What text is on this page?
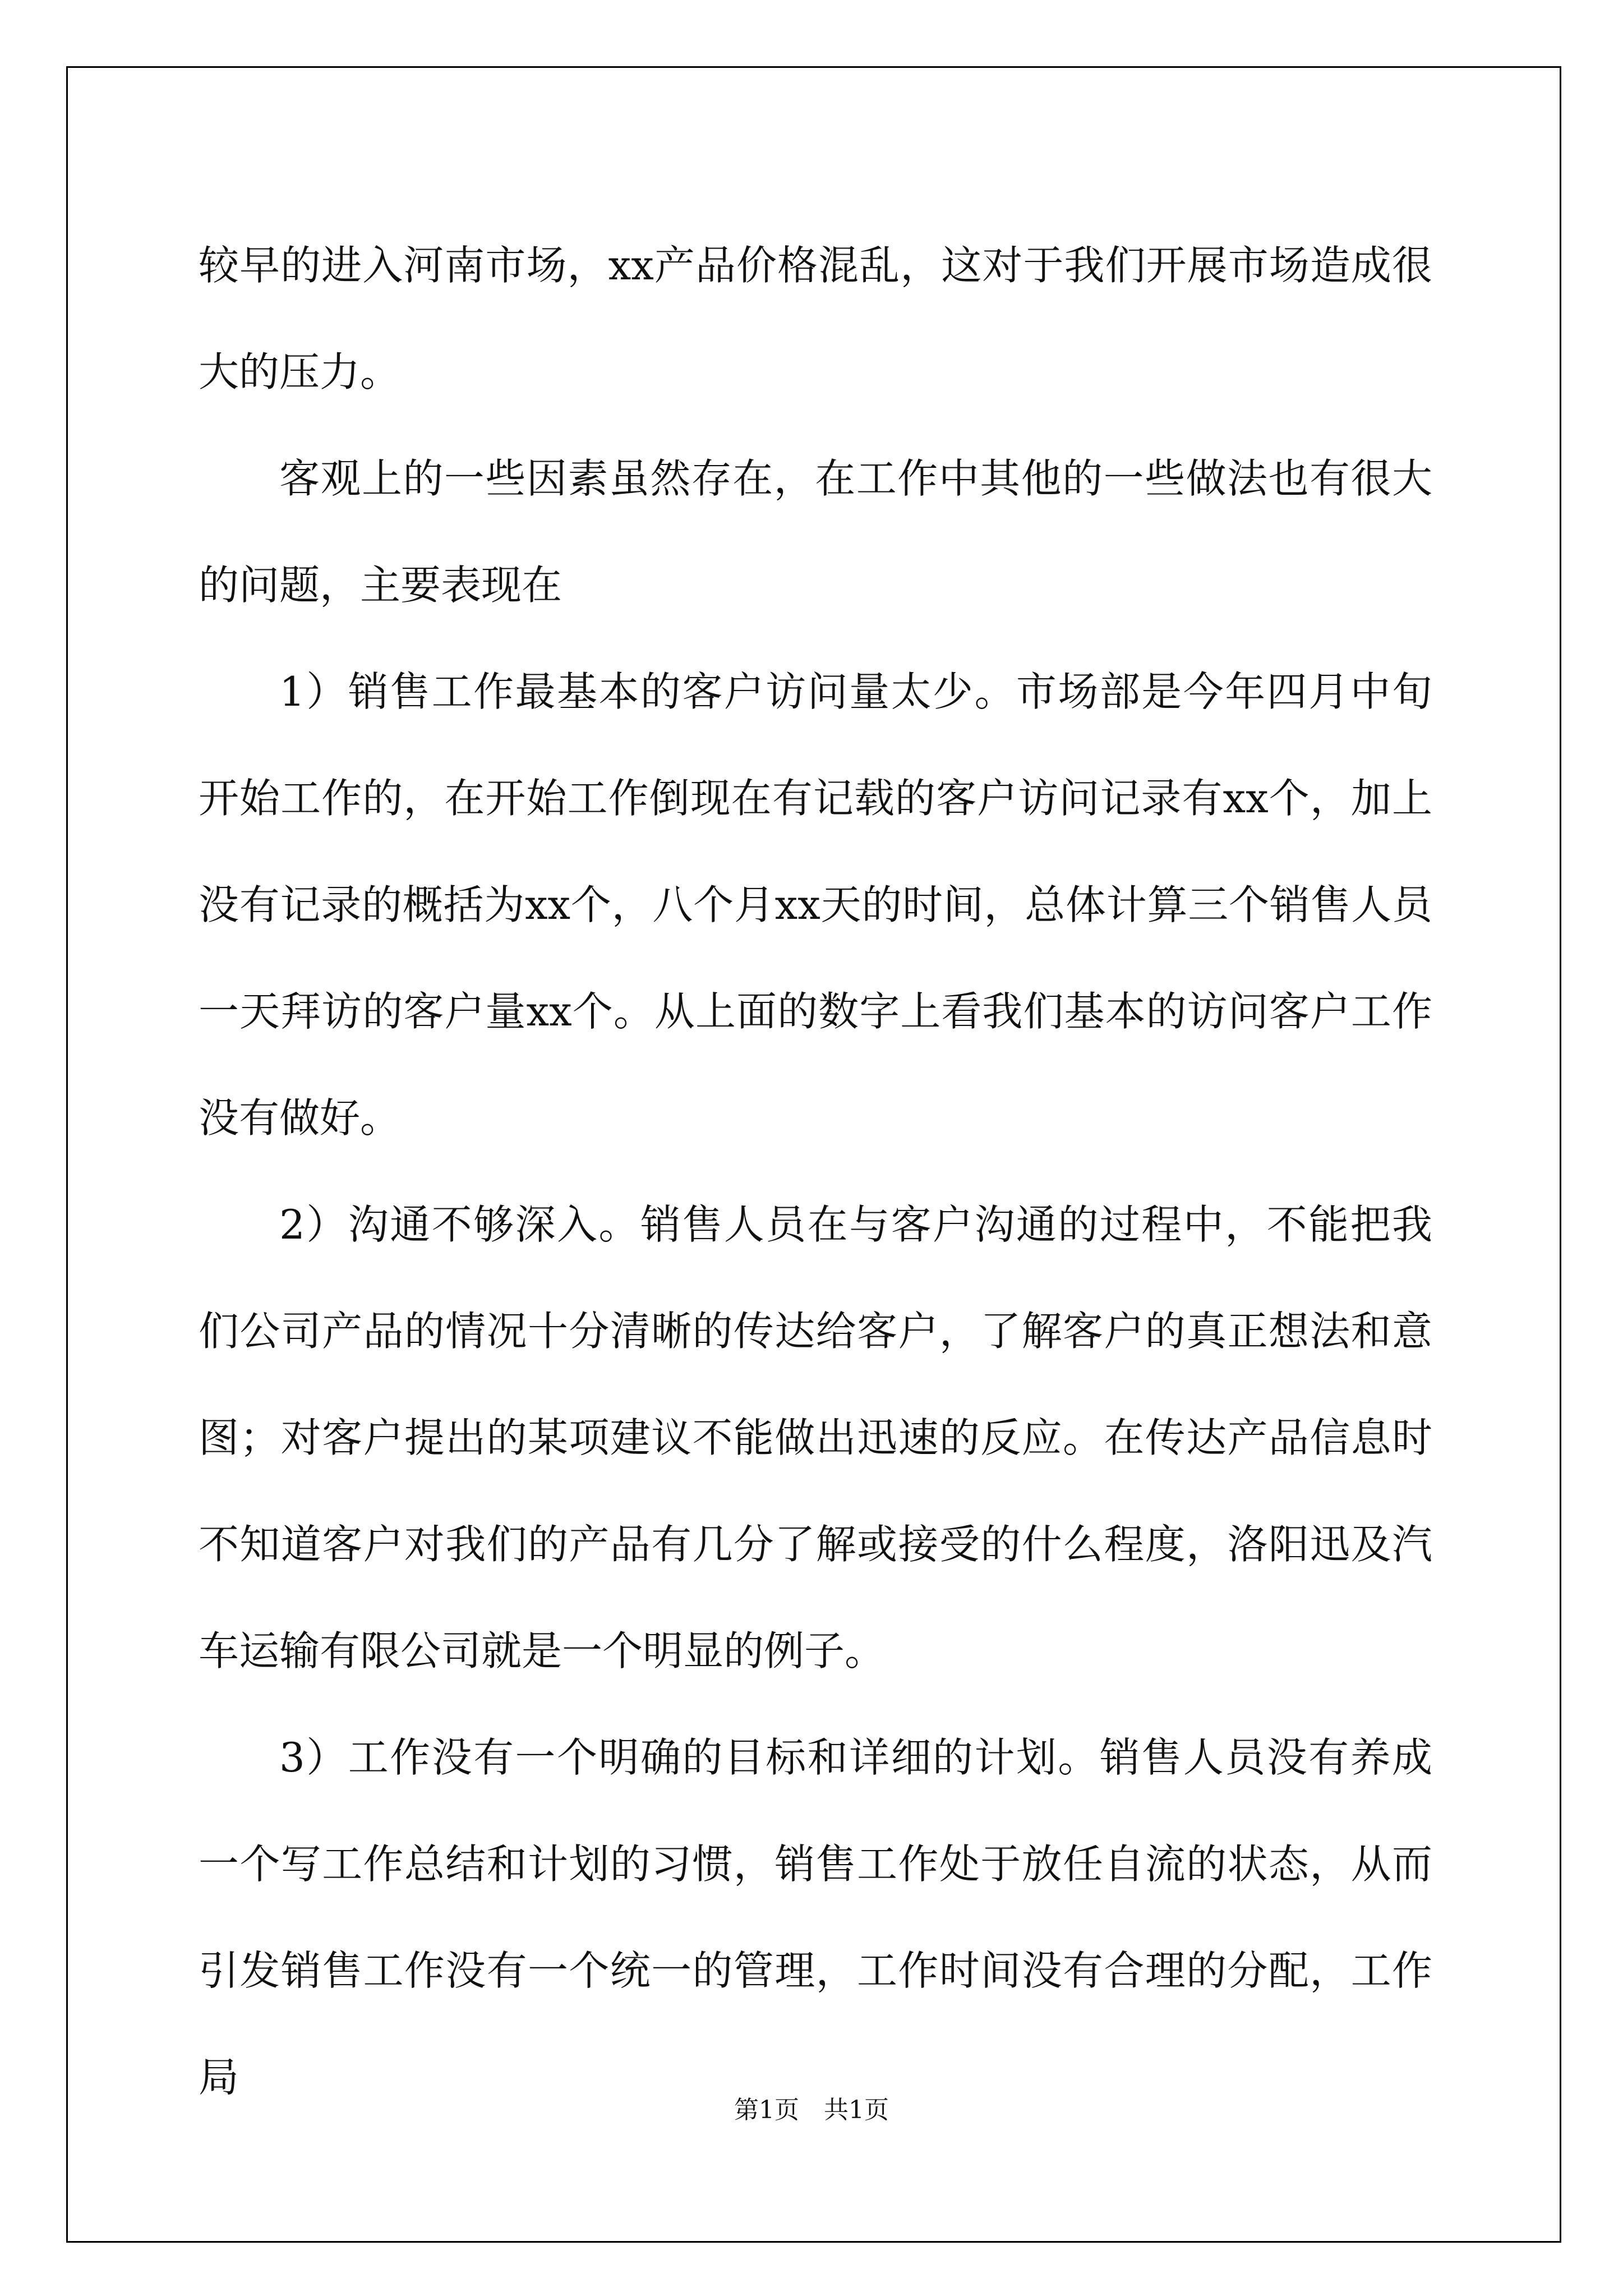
较早的进入河南市场，xx产品价格混乱，这对于我们开展市场造成很大的压力。

客观上的一些因素虽然存在，在工作中其他的一些做法也有很大的问题，主要表现在

1）销售工作最基本的客户访问量太少。市场部是今年四月中旬开始工作的，在开始工作倒现在有记载的客户访问记录有xx个，加上没有记录的概括为xx个，八个月xx天的时间，总体计算三个销售人员一天拜访的客户量xx个。从上面的数字上看我们基本的访问客户工作没有做好。

2）沟通不够深入。销售人员在与客户沟通的过程中，不能把我们公司产品的情况十分清晰的传达给客户，了解客户的真正想法和意图；对客户提出的某项建议不能做出迅速的反应。在传达产品信息时不知道客户对我们的产品有几分了解或接受的什么程度，洛阳迅及汽车运输有限公司就是一个明显的例子。

3）工作没有一个明确的目标和详细的计划。销售人员没有养成一个写工作总结和计划的习惯，销售工作处于放任自流的状态，从而引发销售工作没有一个统一的管理，工作时间没有合理的分配，工作局

第1页　共1页
